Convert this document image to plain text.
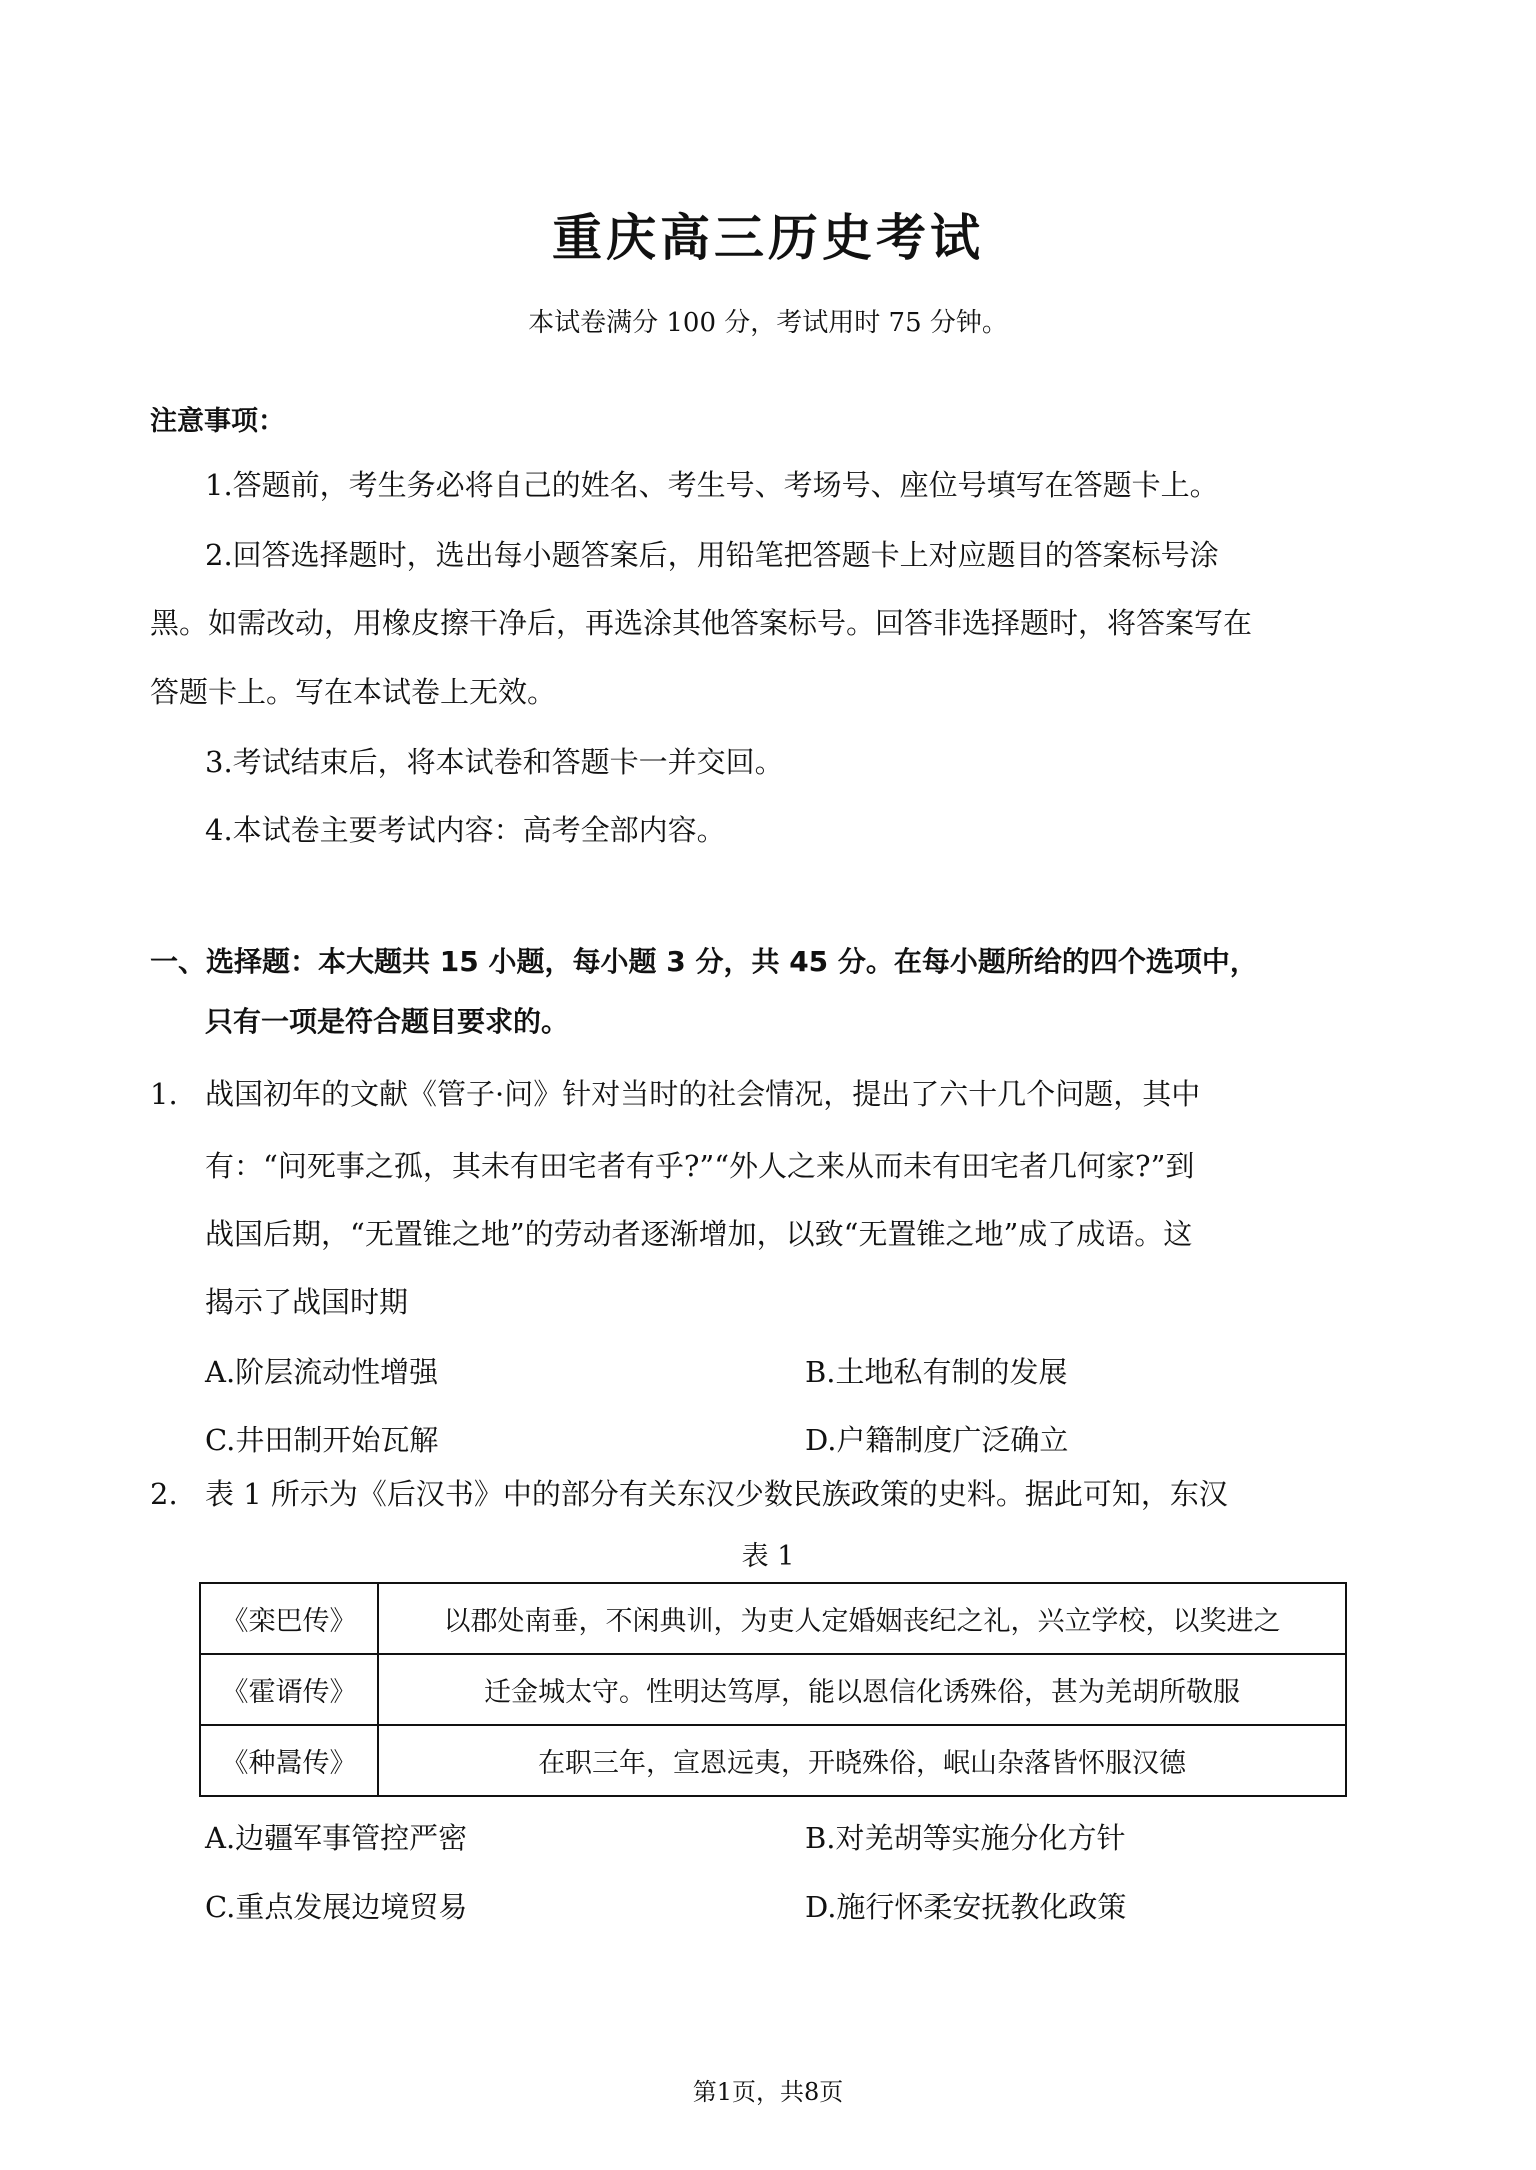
重庆高三历史考试
本试卷满分 100 分，考试用时 75 分钟。
注意事项：
1.答题前，考生务必将自己的姓名、考生号、考场号、座位号填写在答题卡上。
2.回答选择题时，选出每小题答案后，用铅笔把答题卡上对应题目的答案标号涂
黑。如需改动，用橡皮擦干净后，再选涂其他答案标号。回答非选择题时，将答案写在
答题卡上。写在本试卷上无效。
3.考试结束后，将本试卷和答题卡一并交回。
4.本试卷主要考试内容：高考全部内容。
一、选择题：本大题共 15 小题，每小题 3 分，共 45 分。在每小题所给的四个选项中，
只有一项是符合题目要求的。
1. 战国初年的文献《管子·问》针对当时的社会情况，提出了六十几个问题，其中
有：“问死事之孤，其未有田宅者有乎?”“外人之来从而未有田宅者几何家?”到
战国后期，“无置锥之地”的劳动者逐渐增加，以致“无置锥之地”成了成语。这
揭示了战国时期
A.阶层流动性增强	B.土地私有制的发展
C.井田制开始瓦解	D.户籍制度广泛确立
2. 表 1 所示为《后汉书》中的部分有关东汉少数民族政策的史料。据此可知，东汉
表 1
《栾巴传》	以郡处南垂，不闲典训，为吏人定婚姻丧纪之礼，兴立学校，以奖进之
《霍谞传》	迁金城太守。性明达笃厚，能以恩信化诱殊俗，甚为羌胡所敬服
《种暠传》	在职三年，宣恩远夷，开晓殊俗，岷山杂落皆怀服汉德
A.边疆军事管控严密	B.对羌胡等实施分化方针
C.重点发展边境贸易	D.施行怀柔安抚教化政策
第1页，共8页
